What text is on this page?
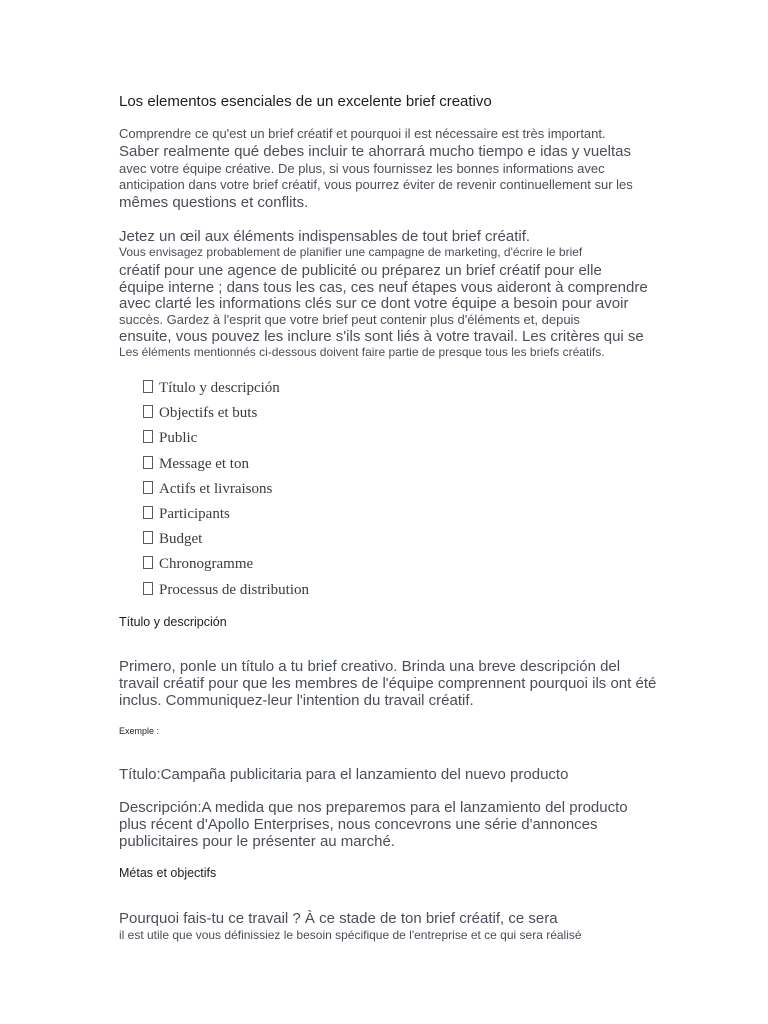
Los elementos esenciales de un excelente brief creativo
Comprendre ce qu'est un brief créatif et pourquoi il est nécessaire est très important.
Saber realmente qué debes incluir te ahorrará mucho tiempo e idas y vueltas
avec votre équipe créative. De plus, si vous fournissez les bonnes informations avec
anticipation dans votre brief créatif, vous pourrez éviter de revenir continuellement sur les
mêmes questions et conflits.
Jetez un œil aux éléments indispensables de tout brief créatif.
Vous envisagez probablement de planifier une campagne de marketing, d'écrire le brief
créatif pour une agence de publicité ou préparez un brief créatif pour elle
équipe interne ; dans tous les cas, ces neuf étapes vous aideront à comprendre
avec clarté les informations clés sur ce dont votre équipe a besoin pour avoir
succès. Gardez à l'esprit que votre brief peut contenir plus d'éléments et, depuis
ensuite, vous pouvez les inclure s'ils sont liés à votre travail. Les critères qui se
Les éléments mentionnés ci-dessous doivent faire partie de presque tous les briefs créatifs.
Título y descripción
Objectifs et buts
Public
Message et ton
Actifs et livraisons
Participants
Budget
Chronogramme
Processus de distribution
Título y descripción
Primero, ponle un título a tu brief creativo. Brinda una breve descripción del
travail créatif pour que les membres de l'équipe comprennent pourquoi ils ont été
inclus. Communiquez-leur l'intention du travail créatif.
Exemple :
Título:Campaña publicitaria para el lanzamiento del nuevo producto
Descripción:A medida que nos preparemos para el lanzamiento del producto
plus récent d'Apollo Enterprises, nous concevrons une série d'annonces
publicitaires pour le présenter au marché.
Métas et objectifs
Pourquoi fais-tu ce travail ? À ce stade de ton brief créatif, ce sera
il est utile que vous définissiez le besoin spécifique de l'entreprise et ce qui sera réalisé
